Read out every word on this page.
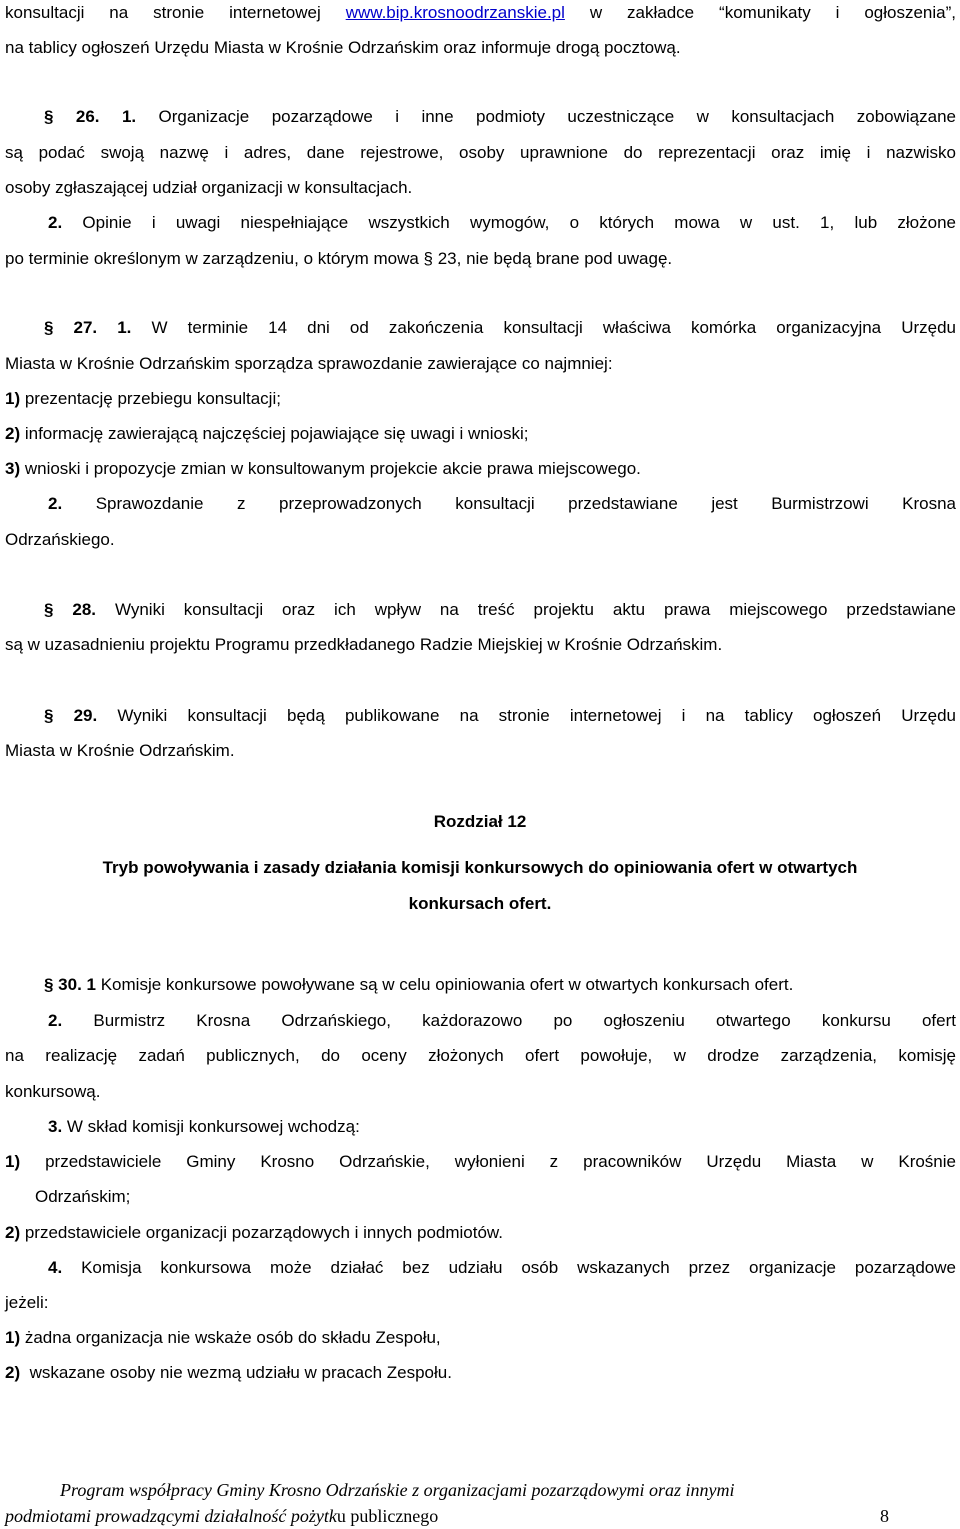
konsultacji na stronie internetowej www.bip.krosnoodrzanskie.pl w zakładce “komunikaty i ogłoszenia”,
na tablicy ogłoszeń Urzędu Miasta w Krośnie Odrzańskim oraz informuje drogą pocztową.
§ 26. 1. Organizacje pozarządowe i inne podmioty uczestniczące w konsultacjach zobowiązane
są podać swoją nazwę i adres, dane rejestrowe, osoby uprawnione do reprezentacji oraz imię i nazwisko
osoby zgłaszającej udział organizacji w konsultacjach.
2. Opinie i uwagi niespełniające wszystkich wymogów, o których mowa w ust. 1, lub złożone
po terminie określonym w zarządzeniu, o którym mowa § 23, nie będą brane pod uwagę.
§ 27. 1. W terminie 14 dni od zakończenia konsultacji właściwa komórka organizacyjna Urzędu
Miasta w Krośnie Odrzańskim sporządza sprawozdanie zawierające co najmniej:
1) prezentację przebiegu konsultacji;
2) informację zawierającą najczęściej pojawiające się uwagi i wnioski;
3) wnioski i propozycje zmian w konsultowanym projekcie akcie prawa miejscowego.
2. Sprawozdanie z przeprowadzonych konsultacji przedstawiane jest Burmistrzowi Krosna
Odrzańskiego.
§ 28. Wyniki konsultacji oraz ich wpływ na treść projektu aktu prawa miejscowego przedstawiane
są w uzasadnieniu projektu Programu przedkładanego Radzie Miejskiej w Krośnie Odrzańskim.
§ 29. Wyniki konsultacji będą publikowane na stronie internetowej i na tablicy ogłoszeń Urzędu
Miasta w Krośnie Odrzańskim.
Rozdział 12
Tryb powoływania i zasady działania komisji konkursowych do opiniowania ofert w otwartych
konkursach ofert.
§ 30. 1 Komisje konkursowe powoływane są w celu opiniowania ofert w otwartych konkursach ofert.
2. Burmistrz Krosna Odrzańskiego, każdorazowo po ogłoszeniu otwartego konkursu ofert
na realizację zadań publicznych, do oceny złożonych ofert powołuje, w drodze zarządzenia, komisję
konkursową.
3. W skład komisji konkursowej wchodzą:
1) przedstawiciele Gminy Krosno Odrzańskie, wyłonieni z pracowników Urzędu Miasta w Krośnie
Odrzańskim;
2) przedstawiciele organizacji pozarządowych i innych podmiotów.
4. Komisja konkursowa może działać bez udziału osób wskazanych przez organizacje pozarządowe
jeżeli:
1) żadna organizacja nie wskaże osób do składu Zespołu,
2)  wskazane osoby nie wezmą udziału w pracach Zespołu.
Program współpracy Gminy Krosno Odrzańskie z organizacjami pozarządowymi oraz innymi
podmiotami prowadzącymi działalność pożytku publicznego	8
